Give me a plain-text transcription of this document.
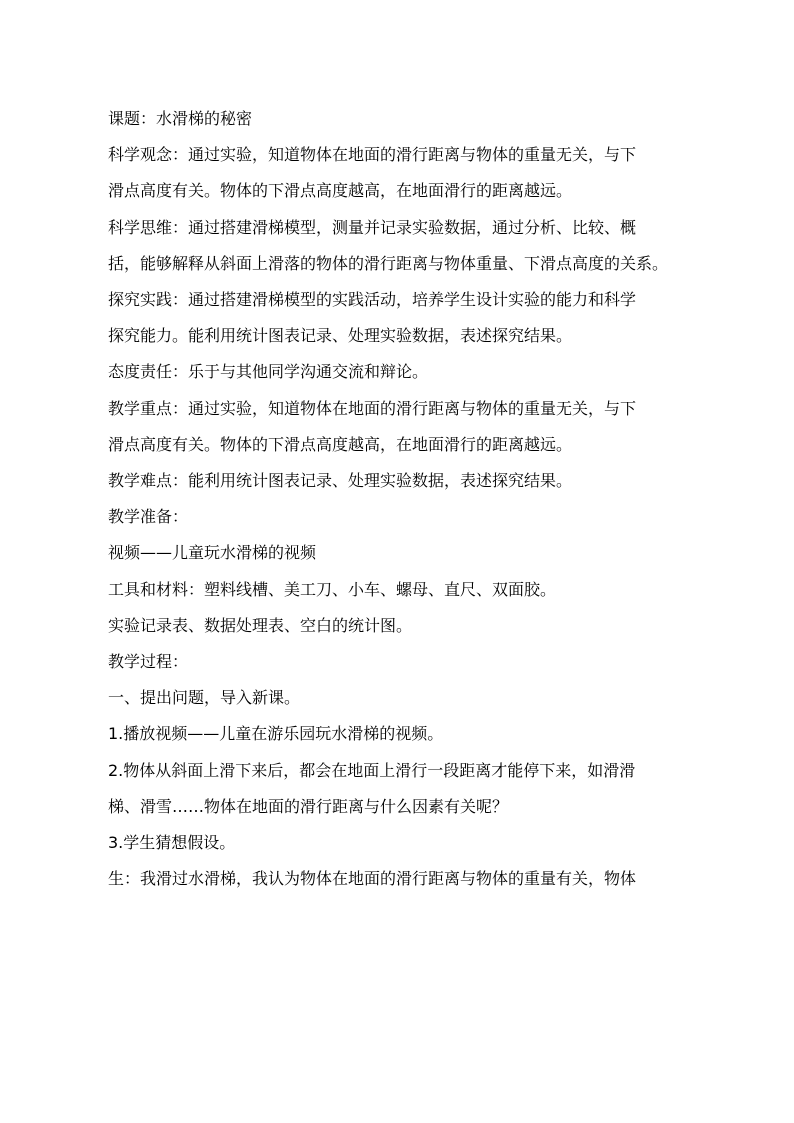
课题：水滑梯的秘密

科学观念：通过实验，知道物体在地面的滑行距离与物体的重量无关，与下

滑点高度有关。物体的下滑点高度越高，在地面滑行的距离越远。

科学思维：通过搭建滑梯模型，测量并记录实验数据，通过分析、比较、概

括，能够解释从斜面上滑落的物体的滑行距离与物体重量、下滑点高度的关系。

探究实践：通过搭建滑梯模型的实践活动，培养学生设计实验的能力和科学

探究能力。能利用统计图表记录、处理实验数据，表述探究结果。

态度责任：乐于与其他同学沟通交流和辩论。

教学重点：通过实验，知道物体在地面的滑行距离与物体的重量无关，与下

滑点高度有关。物体的下滑点高度越高，在地面滑行的距离越远。

教学难点：能利用统计图表记录、处理实验数据，表述探究结果。

教学准备：

视频——儿童玩水滑梯的视频

工具和材料：塑料线槽、美工刀、小车、螺母、直尺、双面胶。

实验记录表、数据处理表、空白的统计图。

教学过程：

一、提出问题，导入新课。

1.播放视频——儿童在游乐园玩水滑梯的视频。

2.物体从斜面上滑下来后，都会在地面上滑行一段距离才能停下来，如滑滑

梯、滑雪……物体在地面的滑行距离与什么因素有关呢？

3.学生猜想假设。

生：我滑过水滑梯，我认为物体在地面的滑行距离与物体的重量有关，物体
